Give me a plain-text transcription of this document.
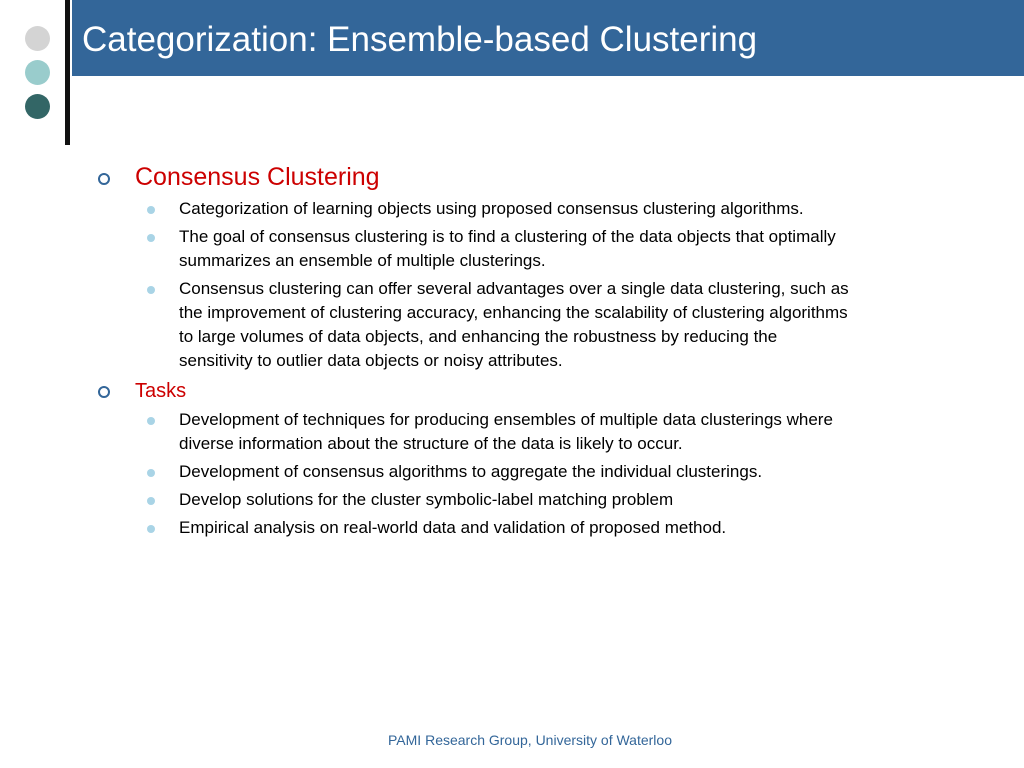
Categorization: Ensemble-based Clustering
Consensus Clustering
Categorization of learning objects using proposed consensus clustering algorithms.
The goal of consensus clustering is to find a clustering of the data objects that optimally summarizes an ensemble of multiple clusterings.
Consensus clustering can offer several advantages over a single data clustering, such as the improvement of clustering accuracy, enhancing the scalability of clustering algorithms to large volumes of data objects, and enhancing the robustness by reducing the sensitivity to outlier data objects or noisy attributes.
Tasks
Development of techniques for producing ensembles of multiple data clusterings where diverse information about the structure of the data is likely to occur.
Development of consensus algorithms to aggregate the individual clusterings.
Develop solutions for the cluster symbolic-label matching problem
Empirical analysis on real-world data and validation of proposed method.
PAMI Research Group, University of Waterloo
